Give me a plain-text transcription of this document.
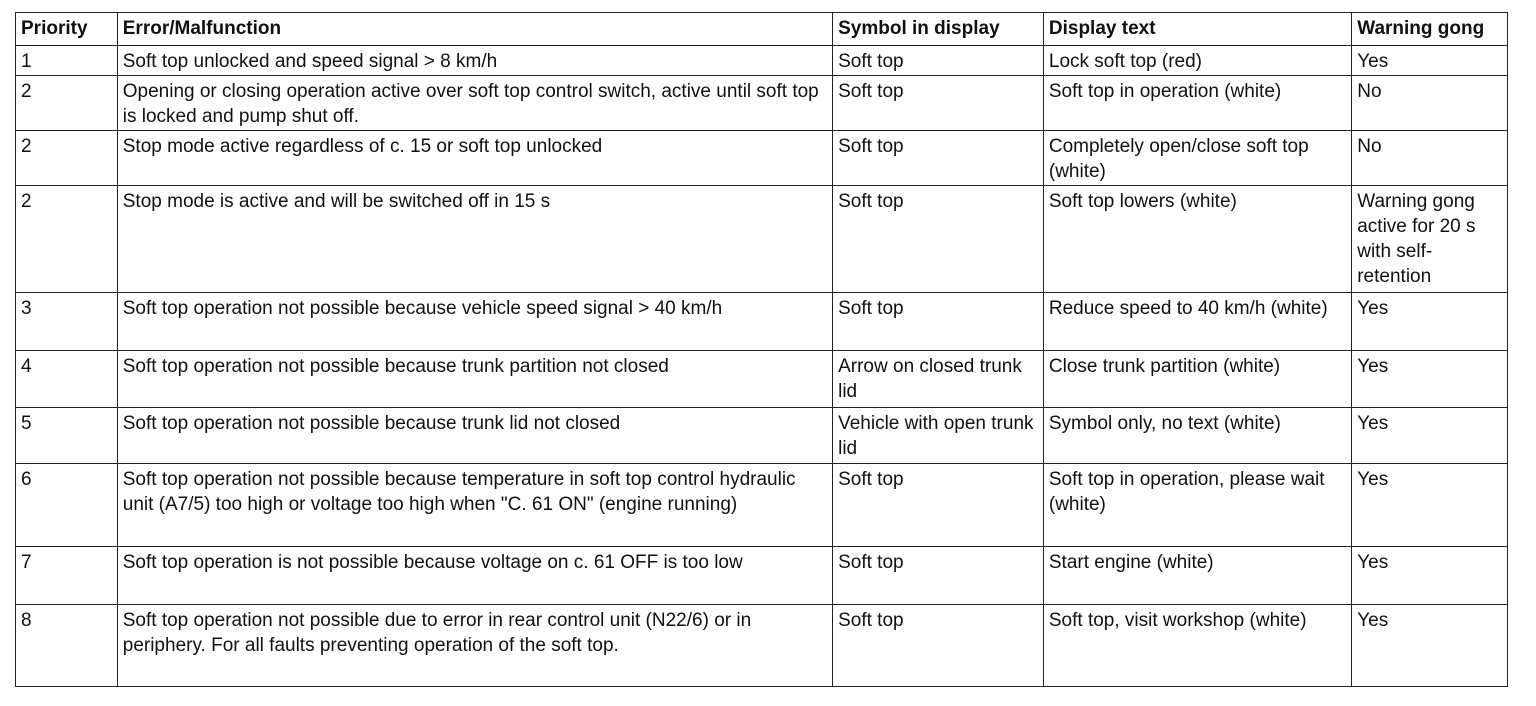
Priority	Error/Malfunction	Symbol in display	Display text	Warning gong
1	Soft top unlocked and speed signal > 8 km/h	Soft top	Lock soft top (red)	Yes
2	Opening or closing operation active over soft top control switch, active until soft top is locked and pump shut off.	Soft top	Soft top in operation (white)	No
2	Stop mode active regardless of c. 15 or soft top unlocked	Soft top	Completely open/close soft top (white)	No
2	Stop mode is active and will be switched off in 15 s	Soft top	Soft top lowers (white)	Warning gong active for 20 s with self-retention
3	Soft top operation not possible because vehicle speed signal > 40 km/h	Soft top	Reduce speed to 40 km/h (white)	Yes
4	Soft top operation not possible because trunk partition not closed	Arrow on closed trunk lid	Close trunk partition (white)	Yes
5	Soft top operation not possible because trunk lid not closed	Vehicle with open trunk lid	Symbol only, no text (white)	Yes
6	Soft top operation not possible because temperature in soft top control hydraulic unit (A7/5) too high or voltage too high when "C. 61 ON" (engine running)	Soft top	Soft top in operation, please wait (white)	Yes
7	Soft top operation is not possible because voltage on c. 61 OFF is too low	Soft top	Start engine (white)	Yes
8	Soft top operation not possible due to error in rear control unit (N22/6) or in periphery. For all faults preventing operation of the soft top.	Soft top	Soft top, visit workshop (white)	Yes
